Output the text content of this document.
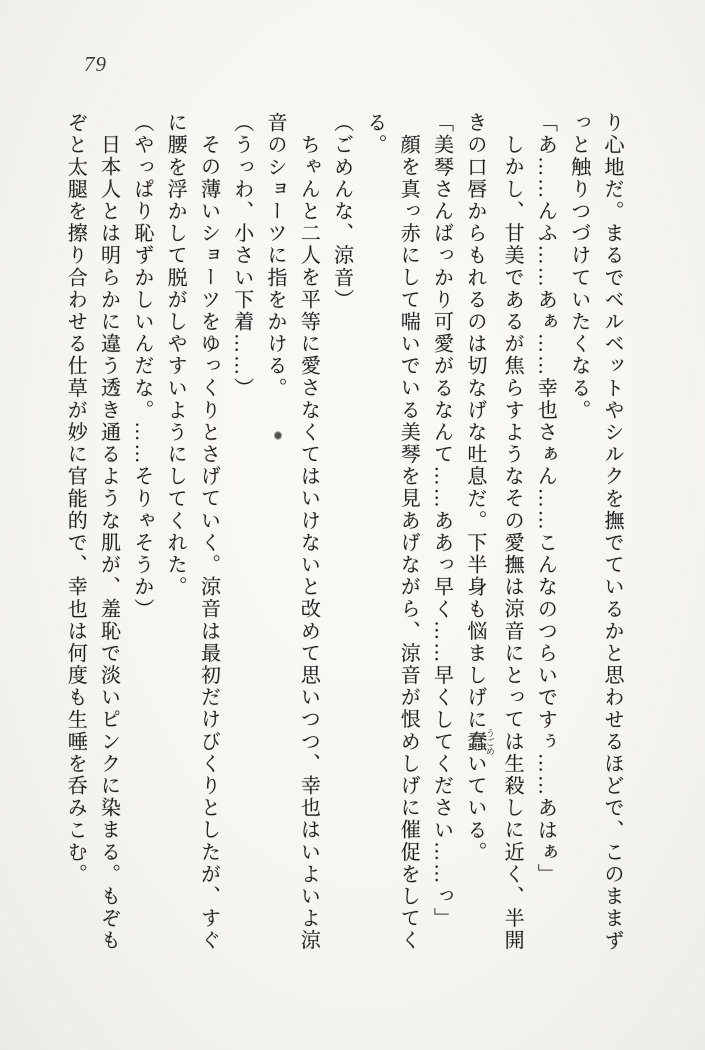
79
り心地だ。まるでベルベットやシルクを撫でているかと思わせるほどで、このままず
っと触りつづけていたくなる。
「あ……んふ……あぁ……幸也さぁん……こんなのつらいですぅ……あはぁ」
しかし、甘美であるが焦らすようなその愛撫は涼音にとっては生殺しに近く、半開
きの口唇からもれるのは切なげな吐息だ。下半身も悩ましげに蠢 うごめいている。
「美琴さんばっかり可愛がるなんて……ああっ早く……早くしてください……っ」
顔を真っ赤にして喘いでいる美琴を見あげながら、涼音が恨めしげに催促をしてく
る。
（ごめんな、涼音）
ちゃんと二人を平等に愛さなくてはいけないと改めて思いつつ、幸也はいよいよ涼
音のショーツに指をかける。
（うっわ、小さい下着……）
その薄いショーツをゆっくりとさげていく。涼音は最初だけびくりとしたが、すぐ
に腰を浮かして脱がしやすいようにしてくれた。
（やっぱり恥ずかしいんだな。……そりゃそうか）
日本人とは明らかに違う透き通るような肌が、羞恥で淡いピンクに染まる。もぞも
ぞと太腿を擦り合わせる仕草が妙に官能的で、幸也は何度も生唾を呑みこむ。
